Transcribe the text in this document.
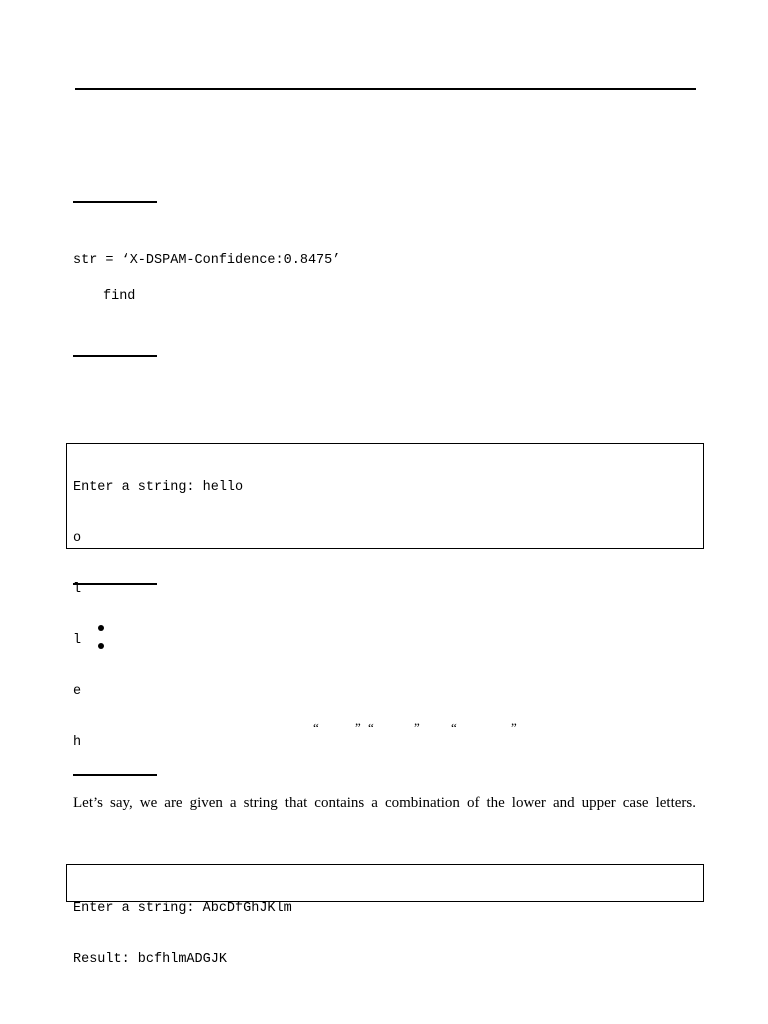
str = ‘X-DSPAM-Confidence:0.8475’
find

Enter a string: hello

o

l

l

e

h

“	” “	” “	”
Let’s say, we are given a string that contains a combination of the lower and upper case letters.

Enter a string: AbcDfGhJKlm

Result: bcfhlmADGJK
